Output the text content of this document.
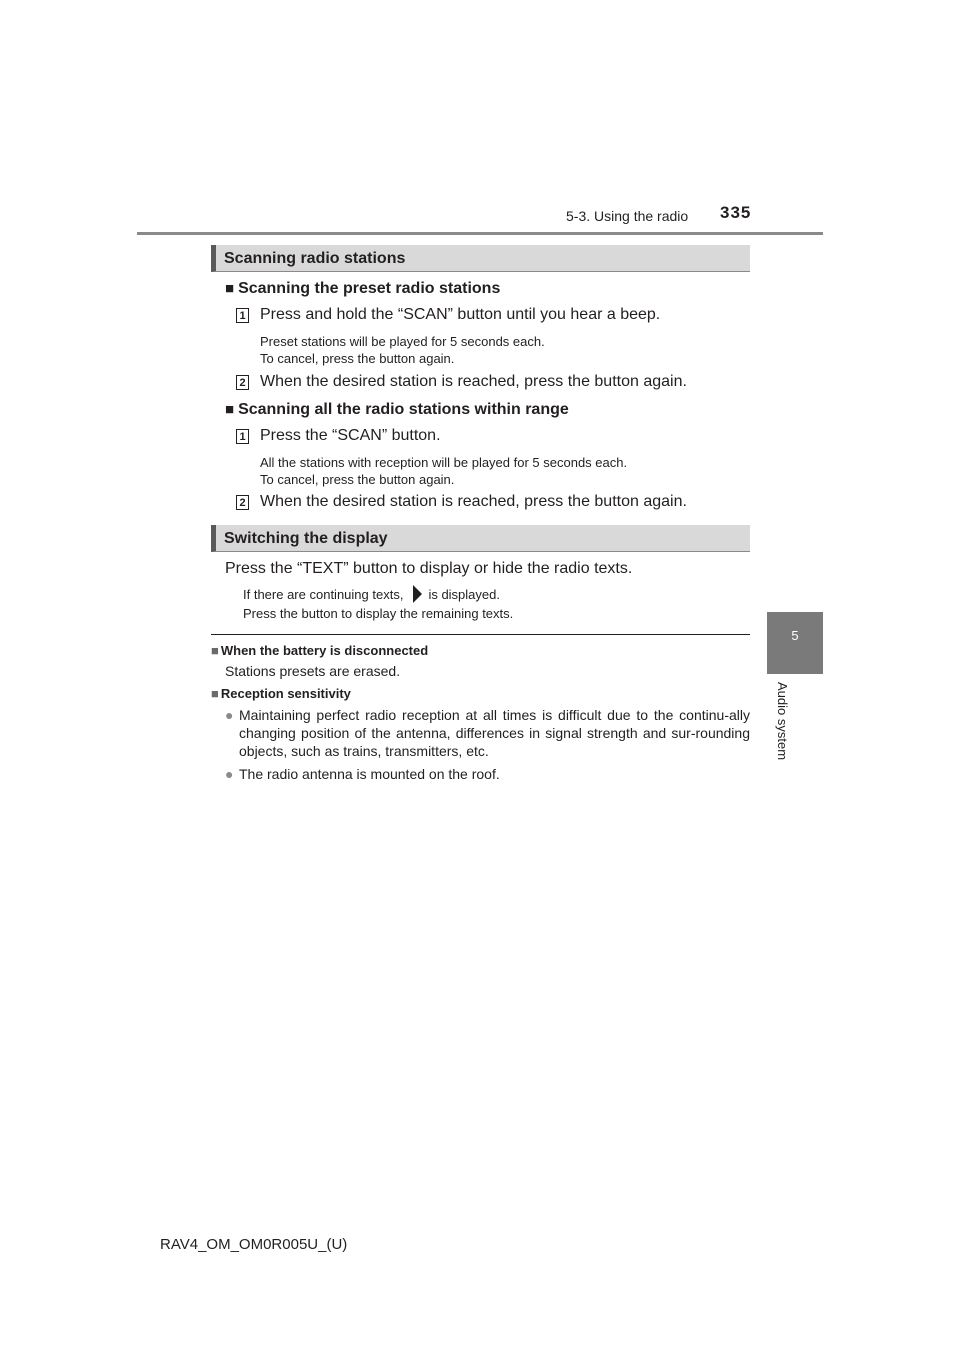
5-3. Using the radio 335
5
Audio system
Scanning radio stations
■ Scanning the preset radio stations
1 Press and hold the “SCAN” button until you hear a beep.
Preset stations will be played for 5 seconds each.
To cancel, press the button again.
2 When the desired station is reached, press the button again.
■ Scanning all the radio stations within range
1 Press the “SCAN” button.
All the stations with reception will be played for 5 seconds each.
To cancel, press the button again.
2 When the desired station is reached, press the button again.
Switching the display
Press the “TEXT” button to display or hide the radio texts.
If there are continuing texts, is displayed.
Press the button to display the remaining texts.
■ When the battery is disconnected
Stations presets are erased.
■ Reception sensitivity
● Maintaining perfect radio reception at all times is difficult due to the continu-ally changing position of the antenna, differences in signal strength and sur-rounding objects, such as trains, transmitters, etc.
● The radio antenna is mounted on the roof.
RAV4_OM_OM0R005U_(U)
